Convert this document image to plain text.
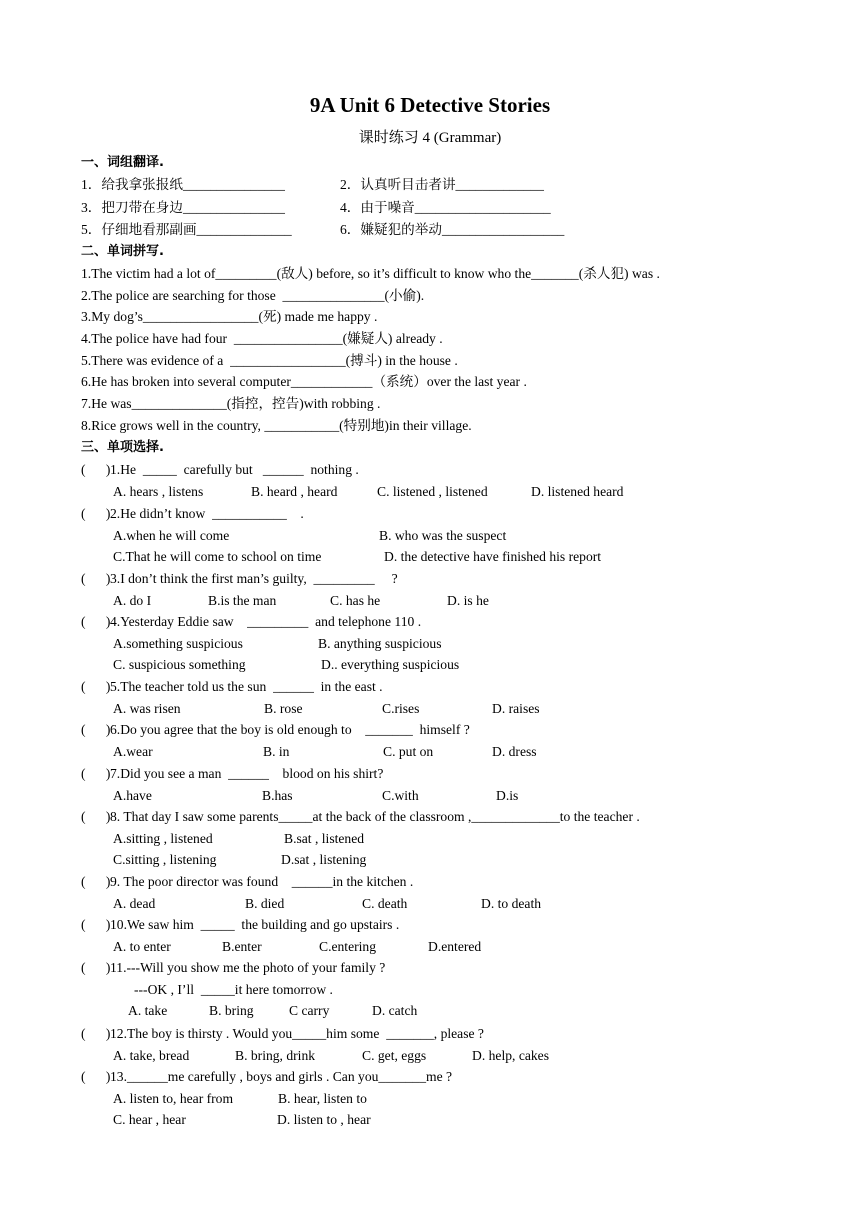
9A Unit 6 Detective Stories
课时练习 4 (Grammar)
一、词组翻译.
1．给我拿张报纸_______________	2．认真听目击者讲_____________
3．把刀带在身边_______________	4．由于噪音____________________
5．仔细地看那副画______________	6．嫌疑犯的举动__________________
二、单词拼写.
1.The victim had a lot of_________(敌人) before, so it’s difficult to know who the_______(杀人犯) was .
2.The police are searching for those  _______________(小偷).
3.My dog’s_________________(死) made me happy .
4.The police have had four  ________________(嫌疑人) already .
5.There was evidence of a  _________________(搏斗) in the house .
6.He has broken into several computer____________（系统）over the last year .
7.He was______________(指控，控告)with robbing .
8.Rice grows well in the country, ___________(特别地)in their village.
三、单项选择.
(      ) 1.He  _____  carefully but   ______  nothing .
A. hears , listens	B. heard , heard	C. listened , listened	D. listened heard
(      ) 2.He didn’t know  ___________    .
A.when he will come	B. who was the suspect
C.That he will come to school on time	D. the detective have finished his report
(      ) 3.I don’t think the first man’s guilty,  _________     ?
A. do I	B.is the man	C. has he	D. is he
(      ) 4.Yesterday Eddie saw    _________  and telephone 110 .
A.something suspicious	B. anything suspicious
C. suspicious something	D.. everything suspicious
(      ) 5.The teacher told us the sun  ______  in the east .
A. was risen	B. rose	C.rises	D. raises
(      ) 6.Do you agree that the boy is old enough to    _______  himself ?
A.wear	B. in	C. put on	D. dress
(      ) 7.Did you see a man  ______    blood on his shirt?
A.have	B.has	C.with	D.is
(      ) 8. That day I saw some parents_____at the back of the classroom ,_____________to the teacher .
A.sitting , listened	B.sat , listened
C.sitting , listening	D.sat , listening
(      ) 9. The poor director was found    ______in the kitchen .
A. dead	B. died	C. death	D. to death
(      ) 10.We saw him  _____  the building and go upstairs .
A. to enter	B.enter	C.entering	D.entered
(      ) 11.---Will you show me the photo of your family ?
---OK , I’ll  _____it here tomorrow .
A. take	B. bring	C carry	D. catch
(      ) 12.The boy is thirsty . Would you_____him some  _______, please ?
A. take, bread	B. bring, drink	C. get, eggs	D. help, cakes
(      ) 13.______me carefully , boys and girls . Can you_______me ?
A. listen to, hear from	B. hear, listen to
C. hear , hear	D. listen to , hear
